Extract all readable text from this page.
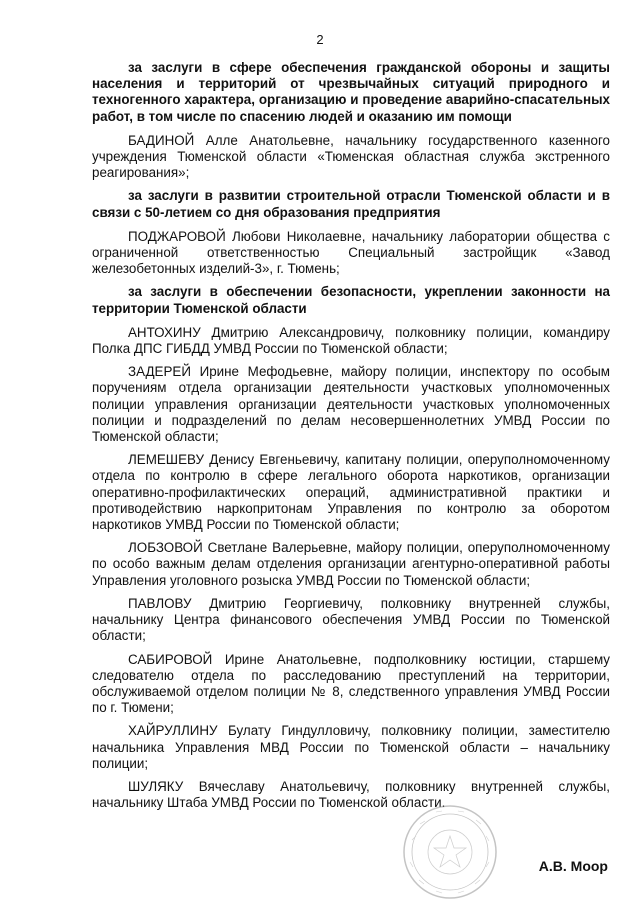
2

за заслуги в сфере обеспечения гражданской обороны и защиты населения и территорий от чрезвычайных ситуаций природного и техногенного характера, организацию и проведение аварийно-спасательных работ, в том числе по спасению людей и оказанию им помощи

БАДИНОЙ Алле Анатольевне, начальнику государственного казенного учреждения Тюменской области «Тюменская областная служба экстренного реагирования»;

за заслуги в развитии строительной отрасли Тюменской области и в связи с 50-летием со дня образования предприятия

ПОДЖАРОВОЙ Любови Николаевне, начальнику лаборатории общества с ограниченной ответственностью Специальный застройщик «Завод железобетонных изделий-3», г. Тюмень;

за заслуги в обеспечении безопасности, укреплении законности на территории Тюменской области

АНТОХИНУ Дмитрию Александровичу, полковнику полиции, командиру Полка ДПС ГИБДД УМВД России по Тюменской области;

ЗАДЕРЕЙ Ирине Мефодьевне, майору полиции, инспектору по особым поручениям отдела организации деятельности участковых уполномоченных полиции управления организации деятельности участковых уполномоченных полиции и подразделений по делам несовершеннолетних УМВД России по Тюменской области;

ЛЕМЕШЕВУ Денису Евгеньевичу, капитану полиции, оперуполномоченному отдела по контролю в сфере легального оборота наркотиков, организации оперативно-профилактических операций, административной практики и противодействию наркопритонам Управления по контролю за оборотом наркотиков УМВД России по Тюменской области;

ЛОБЗОВОЙ Светлане Валерьевне, майору полиции, оперуполномоченному по особо важным делам отделения организации агентурно-оперативной работы Управления уголовного розыска УМВД России по Тюменской области;

ПАВЛОВУ Дмитрию Георгиевичу, полковнику внутренней службы, начальнику Центра финансового обеспечения УМВД России по Тюменской области;

САБИРОВОЙ Ирине Анатольевне, подполковнику юстиции, старшему следователю отдела по расследованию преступлений на территории, обслуживаемой отделом полиции № 8, следственного управления УМВД России по г. Тюмени;

ХАЙРУЛЛИНУ Булату Гиндулловичу, полковнику полиции, заместителю начальника Управления МВД России по Тюменской области – начальнику полиции;

ШУЛЯКУ Вячеславу Анатольевичу, полковнику внутренней службы, начальнику Штаба УМВД России по Тюменской области.

А.В. Моор
